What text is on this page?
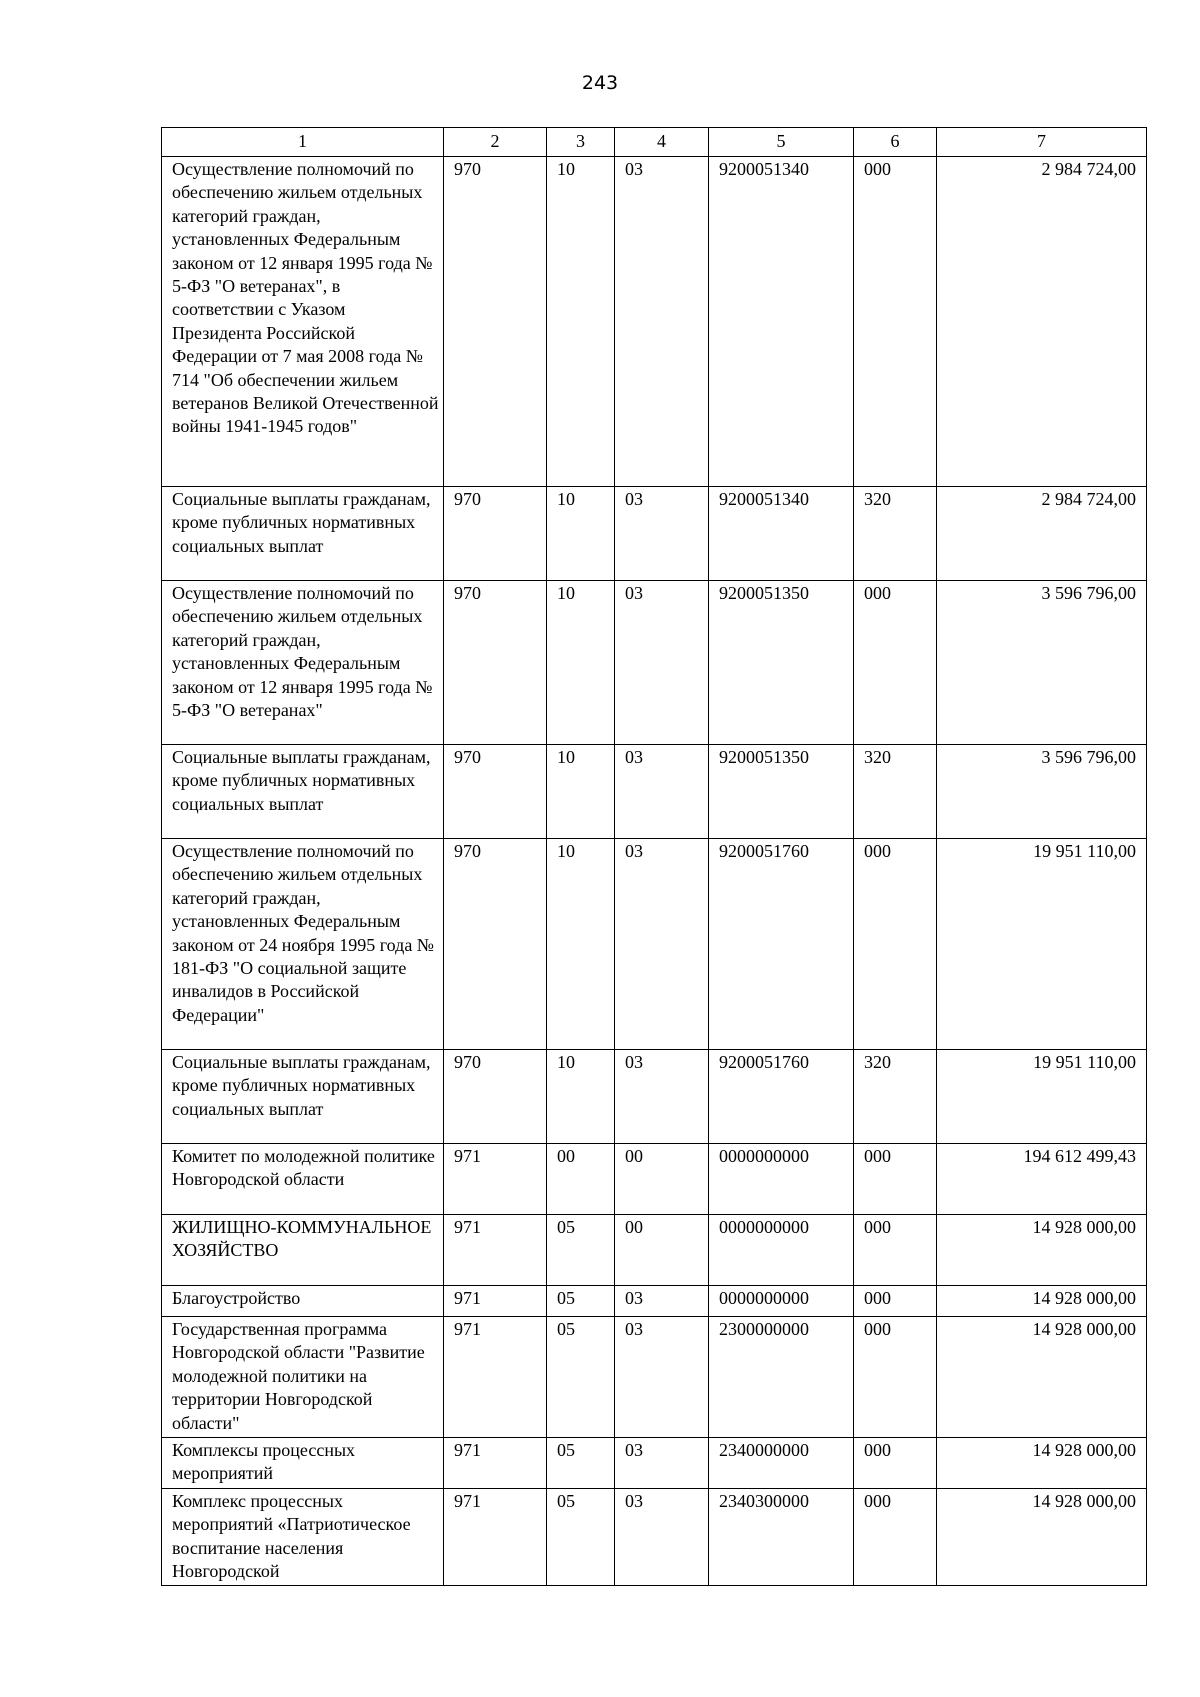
243
1	2	3	4	5	6	7
Осуществление полномочий по обеспечению жильем отдельных категорий граждан, установленных Федеральным законом от 12 января 1995 года № 5-ФЗ "О ветеранах", в соответствии с Указом Президента Российской Федерации от 7 мая 2008 года № 714 "Об обеспечении жильем ветеранов Великой Отечественной войны 1941-1945 годов"	970	10	03	9200051340	000	2 984 724,00
Социальные выплаты гражданам, кроме публичных нормативных социальных выплат	970	10	03	9200051340	320	2 984 724,00
Осуществление полномочий по обеспечению жильем отдельных категорий граждан, установленных Федеральным законом от 12 января 1995 года № 5-ФЗ "О ветеранах"	970	10	03	9200051350	000	3 596 796,00
Социальные выплаты гражданам, кроме публичных нормативных социальных выплат	970	10	03	9200051350	320	3 596 796,00
Осуществление полномочий по обеспечению жильем отдельных категорий граждан, установленных Федеральным законом от 24 ноября 1995 года № 181-ФЗ "О социальной защите инвалидов в Российской Федерации"	970	10	03	9200051760	000	19 951 110,00
Социальные выплаты гражданам, кроме публичных нормативных социальных выплат	970	10	03	9200051760	320	19 951 110,00
Комитет по молодежной политике Новгородской области	971	00	00	0000000000	000	194 612 499,43
ЖИЛИЩНО-КОММУНАЛЬНОЕ ХОЗЯЙСТВО	971	05	00	0000000000	000	14 928 000,00
Благоустройство	971	05	03	0000000000	000	14 928 000,00
Государственная программа Новгородской области "Развитие молодежной политики на территории Новгородской области"	971	05	03	2300000000	000	14 928 000,00
Комплексы процессных мероприятий	971	05	03	2340000000	000	14 928 000,00
Комплекс процессных мероприятий «Патриотическое воспитание населения Новгородской	971	05	03	2340300000	000	14 928 000,00
